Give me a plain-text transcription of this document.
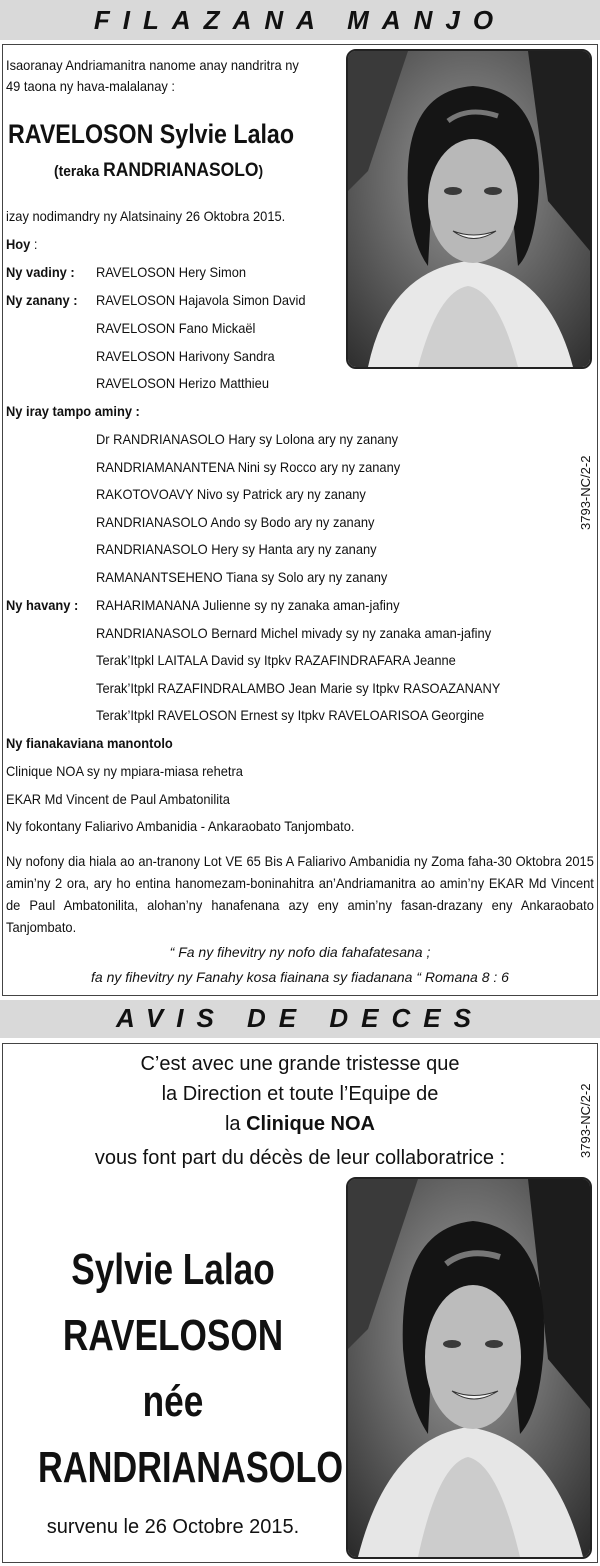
FILAZANA MANJO
Isaoranay Andriamanitra nanome anay nandritra ny
49 taona ny hava-malalanay :
RAVELOSON Sylvie Lalao
(teraka RANDRIANASOLO)
izay nodimandry ny Alatsinainy 26 Oktobra 2015.
Hoy :
Ny vadiny : RAVELOSON Hery Simon
Ny zanany : RAVELOSON Hajavola Simon David
RAVELOSON Fano Mickaël
RAVELOSON Harivony Sandra
RAVELOSON Herizo Matthieu
Ny iray tampo aminy :
Dr RANDRIANASOLO Hary sy Lolona ary ny zanany
RANDRIAMANANTENA Nini sy Rocco ary ny zanany
RAKOTOVOAVY Nivo sy Patrick ary ny zanany
RANDRIANASOLO Ando sy Bodo ary ny zanany
RANDRIANASOLO Hery sy Hanta ary ny zanany
RAMANANTSEHENO Tiana sy Solo ary ny zanany
Ny havany : RAHARIMANANA Julienne sy ny zanaka aman-jafiny
RANDRIANASOLO Bernard Michel mivady sy ny zanaka aman-jafiny
Terak’Itpkl LAITALA David sy Itpkv RAZAFINDRAFARA Jeanne
Terak’Itpkl RAZAFINDRALAMBO Jean Marie sy Itpkv RASOAZANANY
Terak’Itpkl RAVELOSON Ernest sy Itpkv RAVELOARISOA Georgine
Ny fianakaviana manontolo
Clinique NOA sy ny mpiara-miasa rehetra
EKAR Md Vincent de Paul Ambatonilita
Ny fokontany Faliarivo Ambanidia - Ankaraobato Tanjombato.
Ny nofony dia hiala ao an-tranony Lot VE 65 Bis A Faliarivo Ambanidia ny Zoma faha-30 Oktobra 2015 amin’ny 2 ora, ary ho entina hanomezam-boninahitra an’Andriamanitra ao amin’ny EKAR Md Vincent de Paul Ambatonilita, alohan’ny hanafenana azy eny amin’ny fasan-drazany eny Ankaraobato Tanjombato.
“ Fa ny fihevitry ny nofo dia fahafatesana ;
fa ny fihevitry ny Fanahy kosa fiainana sy fiadanana “ Romana 8 : 6
3793-NC/2-2
AVIS DE DECES
C’est avec une grande tristesse que
la Direction et toute l’Equipe de
la Clinique NOA
vous font part du décès de leur collaboratrice :
Sylvie Lalao
RAVELOSON
née
RANDRIANASOLO
survenu le 26 Octobre 2015.
3793-NC/2-2
